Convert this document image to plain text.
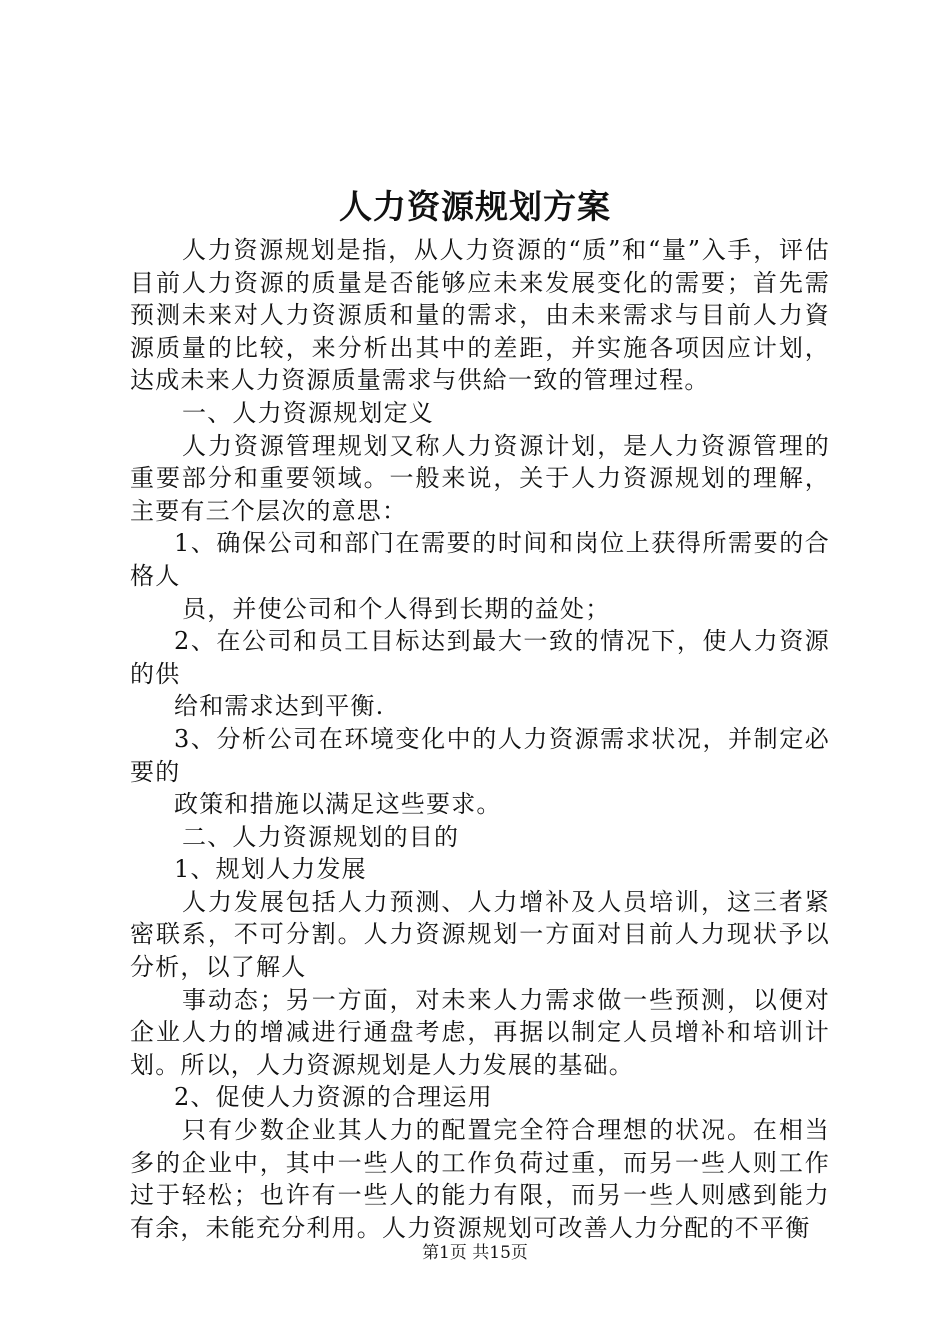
人力资源规划方案

人力资源规划是指，从人力资源的“质”和“量”入手，评估目前人力资源的质量是否能够应未来发展变化的需要；首先需预测未来对人力资源质和量的需求，由未来需求与目前人力資源质量的比较，来分析出其中的差距，并实施各项因应计划，达成未来人力资源质量需求与供給一致的管理过程。

一、人力资源规划定义

人力资源管理规划又称人力资源计划，是人力资源管理的重要部分和重要领域。一般来说，关于人力资源规划的理解，主要有三个层次的意思：

1、确保公司和部门在需要的时间和岗位上获得所需要的合格人

员，并使公司和个人得到长期的益处；

2、在公司和员工目标达到最大一致的情况下，使人力资源的供

给和需求达到平衡.

3、分析公司在环境变化中的人力资源需求状况，并制定必要的

政策和措施以满足这些要求。

二、人力资源规划的目的

1、规划人力发展

人力发展包括人力预测、人力增补及人员培训，这三者紧密联系，不可分割。人力资源规划一方面对目前人力现状予以分析，以了解人

事动态；另一方面，对未来人力需求做一些预测，以便对企业人力的增减进行通盘考虑，再据以制定人员增补和培训计划。所以，人力资源规划是人力发展的基础。

2、促使人力资源的合理运用

只有少数企业其人力的配置完全符合理想的状况。在相当多的企业中，其中一些人的工作负荷过重，而另一些人则工作过于轻松；也许有一些人的能力有限，而另一些人则感到能力有余，未能充分利用。人力资源规划可改善人力分配的不平衡

第1页 共15页
